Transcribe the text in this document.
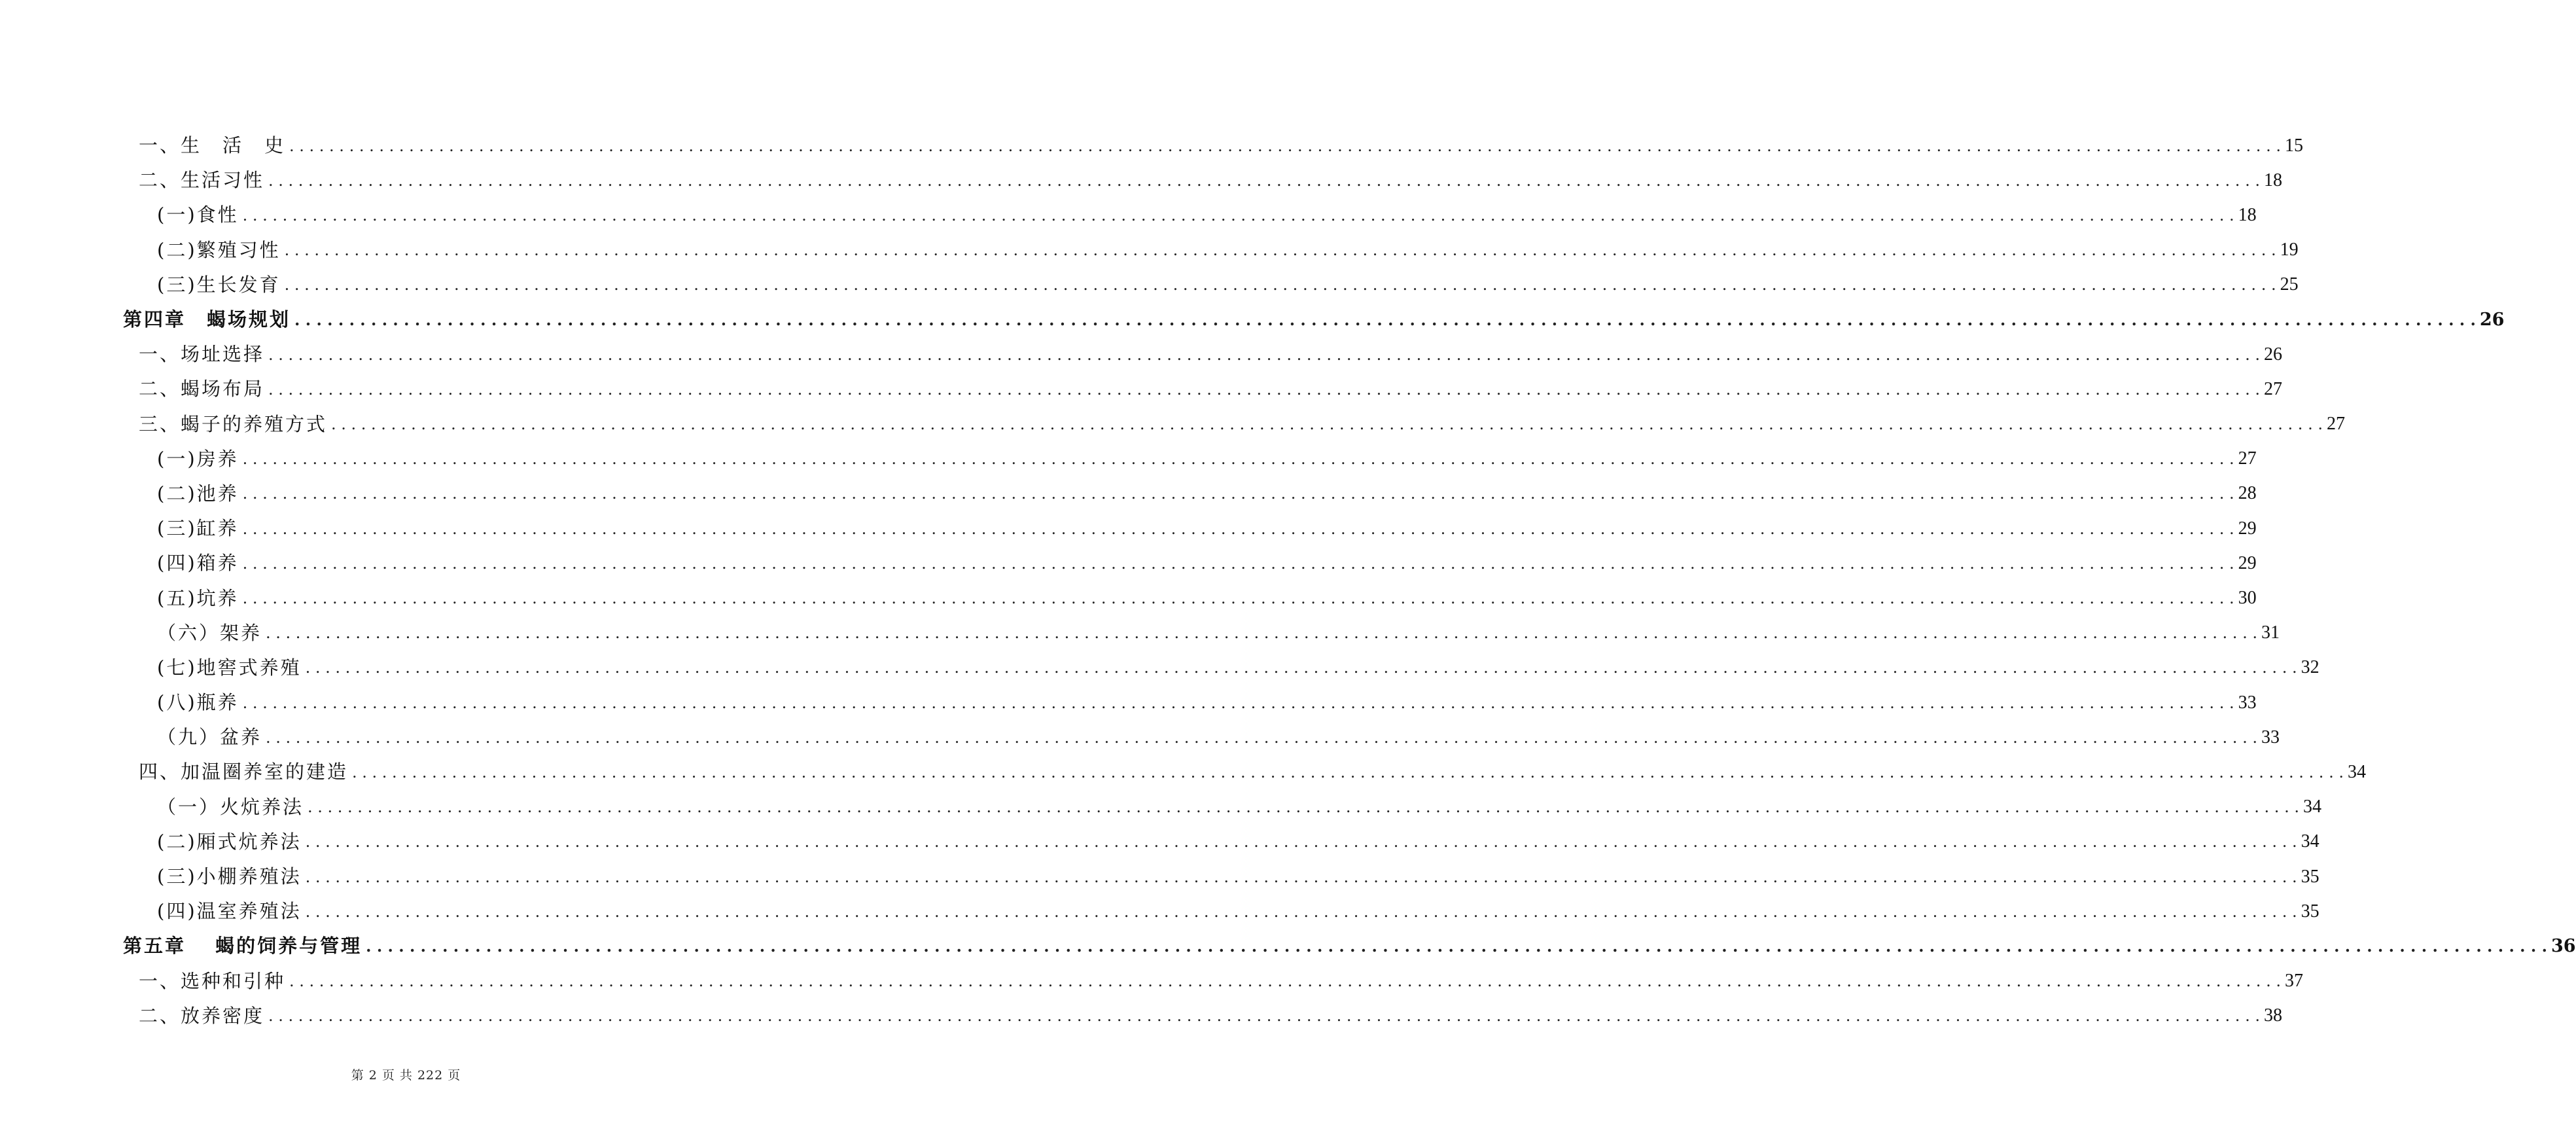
一、生　活　史 . . . . . . . . . . . . . . . . . . . . . . . . . . . . . . . . . . . . . . . . . . . . . . . . . . . . . . . . . . . . . . . . . . . . . . . . . . . . . . . . . . . . . . . . . . . . . . . . . . . . . . . . . . . . . . . . . . . . . . . . . . . . . . . . . . . . . . . . . . . . . . . . . . . . . . . . . . . . . . . . . . . . . . . . . . . . . . . . . . . . . . . . . . . . . . . . . . . . . . . . 15
二、生活习性 . . . . . . . . . . . . . . . . . . . . . . . . . . . . . . . . . . . . . . . . . . . . . . . . . . . . . . . . . . . . . . . . . . . . . . . . . . . . . . . . . . . . . . . . . . . . . . . . . . . . . . . . . . . . . . . . . . . . . . . . . . . . . . . . . . . . . . . . . . . . . . . . . . . . . . . . . . . . . . . . . . . . . . . . . . . . . . . . . . . . . . . . . . . . . . . . . . . . . . . . 18
(一)食性 . . . . . . . . . . . . . . . . . . . . . . . . . . . . . . . . . . . . . . . . . . . . . . . . . . . . . . . . . . . . . . . . . . . . . . . . . . . . . . . . . . . . . . . . . . . . . . . . . . . . . . . . . . . . . . . . . . . . . . . . . . . . . . . . . . . . . . . . . . . . . . . . . . . . . . . . . . . . . . . . . . . . . . . . . . . . . . . . . . . . . . . . . . . . . . . . . . . . . . . . 18
(二)繁殖习性 . . . . . . . . . . . . . . . . . . . . . . . . . . . . . . . . . . . . . . . . . . . . . . . . . . . . . . . . . . . . . . . . . . . . . . . . . . . . . . . . . . . . . . . . . . . . . . . . . . . . . . . . . . . . . . . . . . . . . . . . . . . . . . . . . . . . . . . . . . . . . . . . . . . . . . . . . . . . . . . . . . . . . . . . . . . . . . . . . . . . . . . . . . . . . . . . . . . . . . . . 19
(三)生长发育 . . . . . . . . . . . . . . . . . . . . . . . . . . . . . . . . . . . . . . . . . . . . . . . . . . . . . . . . . . . . . . . . . . . . . . . . . . . . . . . . . . . . . . . . . . . . . . . . . . . . . . . . . . . . . . . . . . . . . . . . . . . . . . . . . . . . . . . . . . . . . . . . . . . . . . . . . . . . . . . . . . . . . . . . . . . . . . . . . . . . . . . . . . . . . . . . . . . . . . . . 25
第四章　蝎场规划 . . . . . . . . . . . . . . . . . . . . . . . . . . . . . . . . . . . . . . . . . . . . . . . . . . . . . . . . . . . . . . . . . . . . . . . . . . . . . . . . . . . . . . . . . . . . . . . . . . . . . . . . . . . . . . . . . . . . . . . . . . . . . . . . . . . . . . . . . . . . . . . . . . . . . . . . . . . . . . . . . . . . . . . . . . . . . . . . . . . . . . . . . . . . . . . . . . . . . . . . 26
一、场址选择 . . . . . . . . . . . . . . . . . . . . . . . . . . . . . . . . . . . . . . . . . . . . . . . . . . . . . . . . . . . . . . . . . . . . . . . . . . . . . . . . . . . . . . . . . . . . . . . . . . . . . . . . . . . . . . . . . . . . . . . . . . . . . . . . . . . . . . . . . . . . . . . . . . . . . . . . . . . . . . . . . . . . . . . . . . . . . . . . . . . . . . . . . . . . . . . . . . . . . . . . 26
二、蝎场布局 . . . . . . . . . . . . . . . . . . . . . . . . . . . . . . . . . . . . . . . . . . . . . . . . . . . . . . . . . . . . . . . . . . . . . . . . . . . . . . . . . . . . . . . . . . . . . . . . . . . . . . . . . . . . . . . . . . . . . . . . . . . . . . . . . . . . . . . . . . . . . . . . . . . . . . . . . . . . . . . . . . . . . . . . . . . . . . . . . . . . . . . . . . . . . . . . . . . . . . . . 27
三、蝎子的养殖方式 . . . . . . . . . . . . . . . . . . . . . . . . . . . . . . . . . . . . . . . . . . . . . . . . . . . . . . . . . . . . . . . . . . . . . . . . . . . . . . . . . . . . . . . . . . . . . . . . . . . . . . . . . . . . . . . . . . . . . . . . . . . . . . . . . . . . . . . . . . . . . . . . . . . . . . . . . . . . . . . . . . . . . . . . . . . . . . . . . . . . . . . . . . . . . . . . . . . . . . . . 27
(一)房养 . . . . . . . . . . . . . . . . . . . . . . . . . . . . . . . . . . . . . . . . . . . . . . . . . . . . . . . . . . . . . . . . . . . . . . . . . . . . . . . . . . . . . . . . . . . . . . . . . . . . . . . . . . . . . . . . . . . . . . . . . . . . . . . . . . . . . . . . . . . . . . . . . . . . . . . . . . . . . . . . . . . . . . . . . . . . . . . . . . . . . . . . . . . . . . . . . . . . . . . . 27
(二)池养 . . . . . . . . . . . . . . . . . . . . . . . . . . . . . . . . . . . . . . . . . . . . . . . . . . . . . . . . . . . . . . . . . . . . . . . . . . . . . . . . . . . . . . . . . . . . . . . . . . . . . . . . . . . . . . . . . . . . . . . . . . . . . . . . . . . . . . . . . . . . . . . . . . . . . . . . . . . . . . . . . . . . . . . . . . . . . . . . . . . . . . . . . . . . . . . . . . . . . . . . 28
(三)缸养 . . . . . . . . . . . . . . . . . . . . . . . . . . . . . . . . . . . . . . . . . . . . . . . . . . . . . . . . . . . . . . . . . . . . . . . . . . . . . . . . . . . . . . . . . . . . . . . . . . . . . . . . . . . . . . . . . . . . . . . . . . . . . . . . . . . . . . . . . . . . . . . . . . . . . . . . . . . . . . . . . . . . . . . . . . . . . . . . . . . . . . . . . . . . . . . . . . . . . . . . 29
(四)箱养 . . . . . . . . . . . . . . . . . . . . . . . . . . . . . . . . . . . . . . . . . . . . . . . . . . . . . . . . . . . . . . . . . . . . . . . . . . . . . . . . . . . . . . . . . . . . . . . . . . . . . . . . . . . . . . . . . . . . . . . . . . . . . . . . . . . . . . . . . . . . . . . . . . . . . . . . . . . . . . . . . . . . . . . . . . . . . . . . . . . . . . . . . . . . . . . . . . . . . . . . 29
(五)坑养 . . . . . . . . . . . . . . . . . . . . . . . . . . . . . . . . . . . . . . . . . . . . . . . . . . . . . . . . . . . . . . . . . . . . . . . . . . . . . . . . . . . . . . . . . . . . . . . . . . . . . . . . . . . . . . . . . . . . . . . . . . . . . . . . . . . . . . . . . . . . . . . . . . . . . . . . . . . . . . . . . . . . . . . . . . . . . . . . . . . . . . . . . . . . . . . . . . . . . . . . 30
（六）架养 . . . . . . . . . . . . . . . . . . . . . . . . . . . . . . . . . . . . . . . . . . . . . . . . . . . . . . . . . . . . . . . . . . . . . . . . . . . . . . . . . . . . . . . . . . . . . . . . . . . . . . . . . . . . . . . . . . . . . . . . . . . . . . . . . . . . . . . . . . . . . . . . . . . . . . . . . . . . . . . . . . . . . . . . . . . . . . . . . . . . . . . . . . . . . . . . . . . . . . . . 31
(七)地窖式养殖 . . . . . . . . . . . . . . . . . . . . . . . . . . . . . . . . . . . . . . . . . . . . . . . . . . . . . . . . . . . . . . . . . . . . . . . . . . . . . . . . . . . . . . . . . . . . . . . . . . . . . . . . . . . . . . . . . . . . . . . . . . . . . . . . . . . . . . . . . . . . . . . . . . . . . . . . . . . . . . . . . . . . . . . . . . . . . . . . . . . . . . . . . . . . . . . . . . . . . . . . 32
(八)瓶养 . . . . . . . . . . . . . . . . . . . . . . . . . . . . . . . . . . . . . . . . . . . . . . . . . . . . . . . . . . . . . . . . . . . . . . . . . . . . . . . . . . . . . . . . . . . . . . . . . . . . . . . . . . . . . . . . . . . . . . . . . . . . . . . . . . . . . . . . . . . . . . . . . . . . . . . . . . . . . . . . . . . . . . . . . . . . . . . . . . . . . . . . . . . . . . . . . . . . . . . . 33
（九）盆养 . . . . . . . . . . . . . . . . . . . . . . . . . . . . . . . . . . . . . . . . . . . . . . . . . . . . . . . . . . . . . . . . . . . . . . . . . . . . . . . . . . . . . . . . . . . . . . . . . . . . . . . . . . . . . . . . . . . . . . . . . . . . . . . . . . . . . . . . . . . . . . . . . . . . . . . . . . . . . . . . . . . . . . . . . . . . . . . . . . . . . . . . . . . . . . . . . . . . . . . . 33
四、加温圈养室的建造 . . . . . . . . . . . . . . . . . . . . . . . . . . . . . . . . . . . . . . . . . . . . . . . . . . . . . . . . . . . . . . . . . . . . . . . . . . . . . . . . . . . . . . . . . . . . . . . . . . . . . . . . . . . . . . . . . . . . . . . . . . . . . . . . . . . . . . . . . . . . . . . . . . . . . . . . . . . . . . . . . . . . . . . . . . . . . . . . . . . . . . . . . . . . . . . . . . . . . . . . 34
（一）火炕养法 . . . . . . . . . . . . . . . . . . . . . . . . . . . . . . . . . . . . . . . . . . . . . . . . . . . . . . . . . . . . . . . . . . . . . . . . . . . . . . . . . . . . . . . . . . . . . . . . . . . . . . . . . . . . . . . . . . . . . . . . . . . . . . . . . . . . . . . . . . . . . . . . . . . . . . . . . . . . . . . . . . . . . . . . . . . . . . . . . . . . . . . . . . . . . . . . . . . . . . . . 34
(二)厢式炕养法 . . . . . . . . . . . . . . . . . . . . . . . . . . . . . . . . . . . . . . . . . . . . . . . . . . . . . . . . . . . . . . . . . . . . . . . . . . . . . . . . . . . . . . . . . . . . . . . . . . . . . . . . . . . . . . . . . . . . . . . . . . . . . . . . . . . . . . . . . . . . . . . . . . . . . . . . . . . . . . . . . . . . . . . . . . . . . . . . . . . . . . . . . . . . . . . . . . . . . . . . 34
(三)小棚养殖法 . . . . . . . . . . . . . . . . . . . . . . . . . . . . . . . . . . . . . . . . . . . . . . . . . . . . . . . . . . . . . . . . . . . . . . . . . . . . . . . . . . . . . . . . . . . . . . . . . . . . . . . . . . . . . . . . . . . . . . . . . . . . . . . . . . . . . . . . . . . . . . . . . . . . . . . . . . . . . . . . . . . . . . . . . . . . . . . . . . . . . . . . . . . . . . . . . . . . . . . . 35
(四)温室养殖法 . . . . . . . . . . . . . . . . . . . . . . . . . . . . . . . . . . . . . . . . . . . . . . . . . . . . . . . . . . . . . . . . . . . . . . . . . . . . . . . . . . . . . . . . . . . . . . . . . . . . . . . . . . . . . . . . . . . . . . . . . . . . . . . . . . . . . . . . . . . . . . . . . . . . . . . . . . . . . . . . . . . . . . . . . . . . . . . . . . . . . . . . . . . . . . . . . . . . . . . . 35
第五章　 蝎的饲养与管理 . . . . . . . . . . . . . . . . . . . . . . . . . . . . . . . . . . . . . . . . . . . . . . . . . . . . . . . . . . . . . . . . . . . . . . . . . . . . . . . . . . . . . . . . . . . . . . . . . . . . . . . . . . . . . . . . . . . . . . . . . . . . . . . . . . . . . . . . . . . . . . . . . . . . . . . . . . . . . . . . . . . . . . . . . . . . . . . . . . . . . . . . . . . . . . . . . . . . . . . . 36
一、选种和引种 . . . . . . . . . . . . . . . . . . . . . . . . . . . . . . . . . . . . . . . . . . . . . . . . . . . . . . . . . . . . . . . . . . . . . . . . . . . . . . . . . . . . . . . . . . . . . . . . . . . . . . . . . . . . . . . . . . . . . . . . . . . . . . . . . . . . . . . . . . . . . . . . . . . . . . . . . . . . . . . . . . . . . . . . . . . . . . . . . . . . . . . . . . . . . . . . . . . . . . . . 37
二、放养密度 . . . . . . . . . . . . . . . . . . . . . . . . . . . . . . . . . . . . . . . . . . . . . . . . . . . . . . . . . . . . . . . . . . . . . . . . . . . . . . . . . . . . . . . . . . . . . . . . . . . . . . . . . . . . . . . . . . . . . . . . . . . . . . . . . . . . . . . . . . . . . . . . . . . . . . . . . . . . . . . . . . . . . . . . . . . . . . . . . . . . . . . . . . . . . . . . . . . . . . . . 38
第 2 页 共 222 页
